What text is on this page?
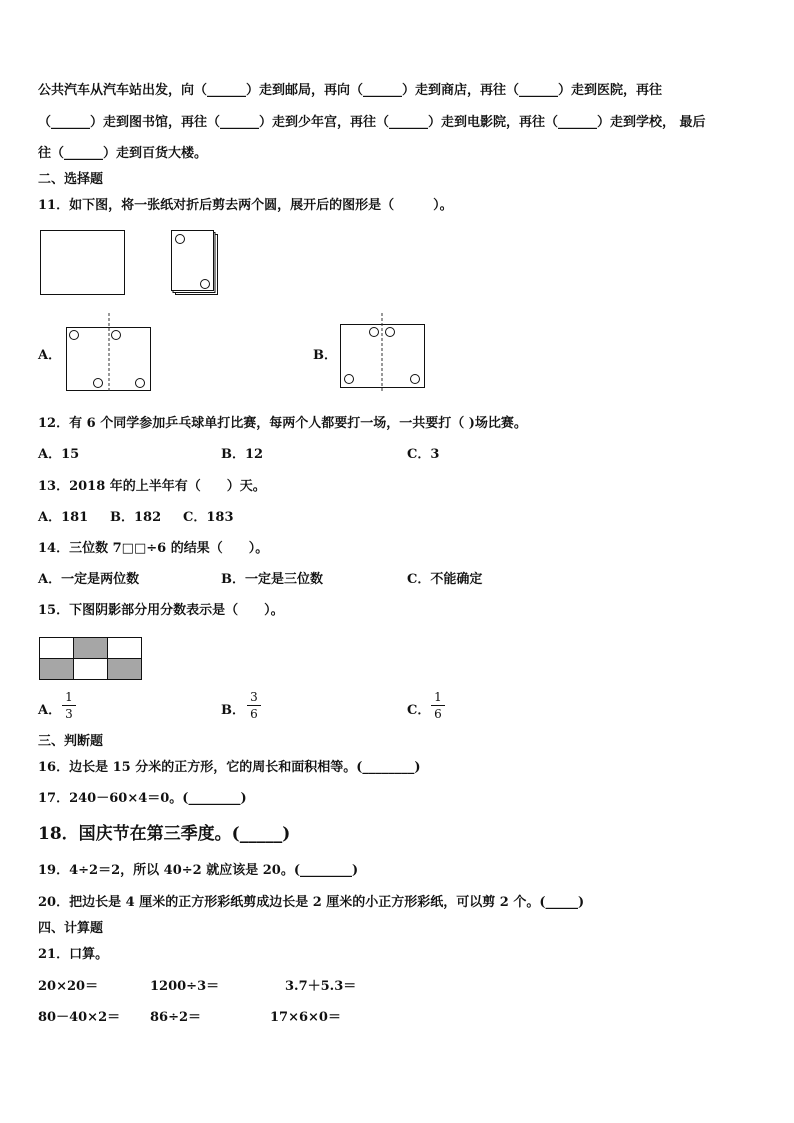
公共汽车从汽车站出发，向（______）走到邮局，再向（______）走到商店，再往（______）走到医院，再往
（______）走到图书馆，再往（______）走到少年宫，再往（______）走到电影院，再往（______）走到学校， 最后
往（______）走到百货大楼。
二、选择题
11．如下图，将一张纸对折后剪去两个圆，展开后的图形是（　　　）。
A．	B．
12．有 6 个同学参加乒乓球单打比赛，每两个人都要打一场，一共要打（ )场比赛。
A．15	B．12	C．3
13．2018 年的上半年有（　　）天。
A．181 B．182 C．183
14．三位数 7□□÷6 的结果（　　）。
A．一定是两位数	B．一定是三位数	C．不能确定
15．下图阴影部分用分数表示是（　　）。
A．
1
3	B．
3
6	C．
1
6
三、判断题
16．边长是 15 分米的正方形，它的周长和面积相等。(________)
17．240－60×4＝0。(________)
18．国庆节在第三季度。(_____)
19．4÷2＝2，所以 40÷2 就应该是 20。(________)
20．把边长是 4 厘米的正方形彩纸剪成边长是 2 厘米的小正方形彩纸，可以剪 2 个。(_____)
四、计算题
21．口算。
20×20＝	1200÷3＝	3.7＋5.3＝
80－40×2＝ 86÷2＝	17×6×0＝
